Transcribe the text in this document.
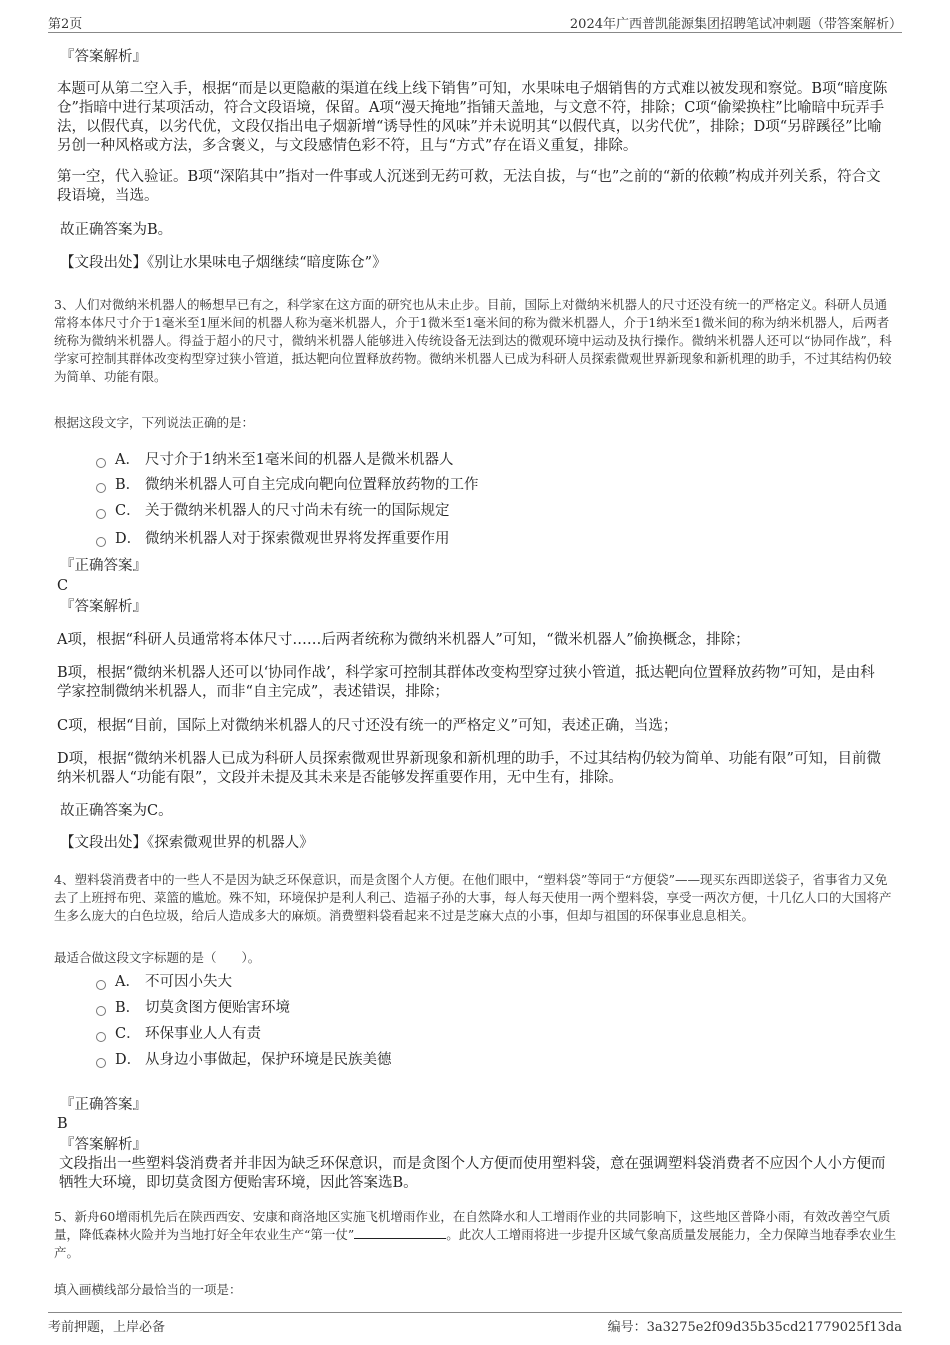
第2页	2024年广西普凯能源集团招聘笔试冲刺题（带答案解析）
『答案解析』

本题可从第二空入手，根据“而是以更隐蔽的渠道在线上线下销售”可知，水果味电子烟销售的方式难以被发现和察觉。B项“暗度陈仓”指暗中进行某项活动，符合文段语境，保留。A项“漫天掩地”指铺天盖地，与文意不符，排除；C项“偷梁换柱”比喻暗中玩弄手法，以假代真，以劣代优，文段仅指出电子烟新增“诱导性的风味”并未说明其“以假代真，以劣代优”，排除；D项“另辟蹊径”比喻另创一种风格或方法，多含褒义，与文段感情色彩不符，且与“方式”存在语义重复，排除。

第一空，代入验证。B项“深陷其中”指对一件事或人沉迷到无药可救，无法自拔，与“也”之前的“新的依赖”构成并列关系，符合文段语境，当选。

故正确答案为B。
【文段出处】《别让水果味电子烟继续“暗度陈仓”》

3、人们对微纳米机器人的畅想早已有之，科学家在这方面的研究也从未止步。目前，国际上对微纳米机器人的尺寸还没有统一的严格定义。科研人员通常将本体尺寸介于1毫米至1厘米间的机器人称为毫米机器人，介于1微米至1毫米间的称为微米机器人，介于1纳米至1微米间的称为纳米机器人，后两者统称为微纳米机器人。得益于超小的尺寸，微纳米机器人能够进入传统设备无法到达的微观环境中运动及执行操作。微纳米机器人还可以“协同作战”，科学家可控制其群体改变构型穿过狭小管道，抵达靶向位置释放药物。微纳米机器人已成为科研人员探索微观世界新现象和新机理的助手，不过其结构仍较为简单、功能有限。

根据这段文字，下列说法正确的是：
A． 尺寸介于1纳米至1毫米间的机器人是微米机器人
B． 微纳米机器人可自主完成向靶向位置释放药物的工作
C． 关于微纳米机器人的尺寸尚未有统一的国际规定
D． 微纳米机器人对于探索微观世界将发挥重要作用
『正确答案』
C
『答案解析』

A项，根据“科研人员通常将本体尺寸……后两者统称为微纳米机器人”可知，“微米机器人”偷换概念，排除；

B项，根据“微纳米机器人还可以‘协同作战’，科学家可控制其群体改变构型穿过狭小管道，抵达靶向位置释放药物”可知，是由科学家控制微纳米机器人，而非“自主完成”，表述错误，排除；

C项，根据“目前，国际上对微纳米机器人的尺寸还没有统一的严格定义”可知，表述正确，当选；

D项，根据“微纳米机器人已成为科研人员探索微观世界新现象和新机理的助手，不过其结构仍较为简单、功能有限”可知，目前微纳米机器人“功能有限”，文段并未提及其未来是否能够发挥重要作用，无中生有，排除。

故正确答案为C。
【文段出处】《探索微观世界的机器人》

4、塑料袋消费者中的一些人不是因为缺乏环保意识，而是贪图个人方便。在他们眼中，“塑料袋”等同于“方便袋”——现买东西即送袋子，省事省力又免去了上班捋布兜、菜篮的尴尬。殊不知，环境保护是利人利己、造福子孙的大事，每人每天使用一两个塑料袋，享受一两次方便，十几亿人口的大国将产生多么庞大的白色垃圾，给后人造成多大的麻烦。消费塑料袋看起来不过是芝麻大点的小事，但却与祖国的环保事业息息相关。

最适合做这段文字标题的是（　　）。
A． 不可因小失大
B． 切莫贪图方便贻害环境
C． 环保事业人人有责
D． 从身边小事做起，保护环境是民族美德
『正确答案』
B
『答案解析』

文段指出一些塑料袋消费者并非因为缺乏环保意识，而是贪图个人方便而使用塑料袋，意在强调塑料袋消费者不应因个人小方便而牺牲大环境，即切莫贪图方便贻害环境，因此答案选B。

5、新舟60增雨机先后在陕西西安、安康和商洛地区实施飞机增雨作业，在自然降水和人工增雨作业的共同影响下，这些地区普降小雨，有效改善空气质量，降低森林火险并为当地打好全年农业生产“第一仗”	。此次人工增雨将进一步提升区域气象高质量发展能力，全力保障当地春季农业生产。

填入画横线部分最恰当的一项是：
考前押题，上岸必备	编号：3a3275e2f09d35b35cd21779025f13da
